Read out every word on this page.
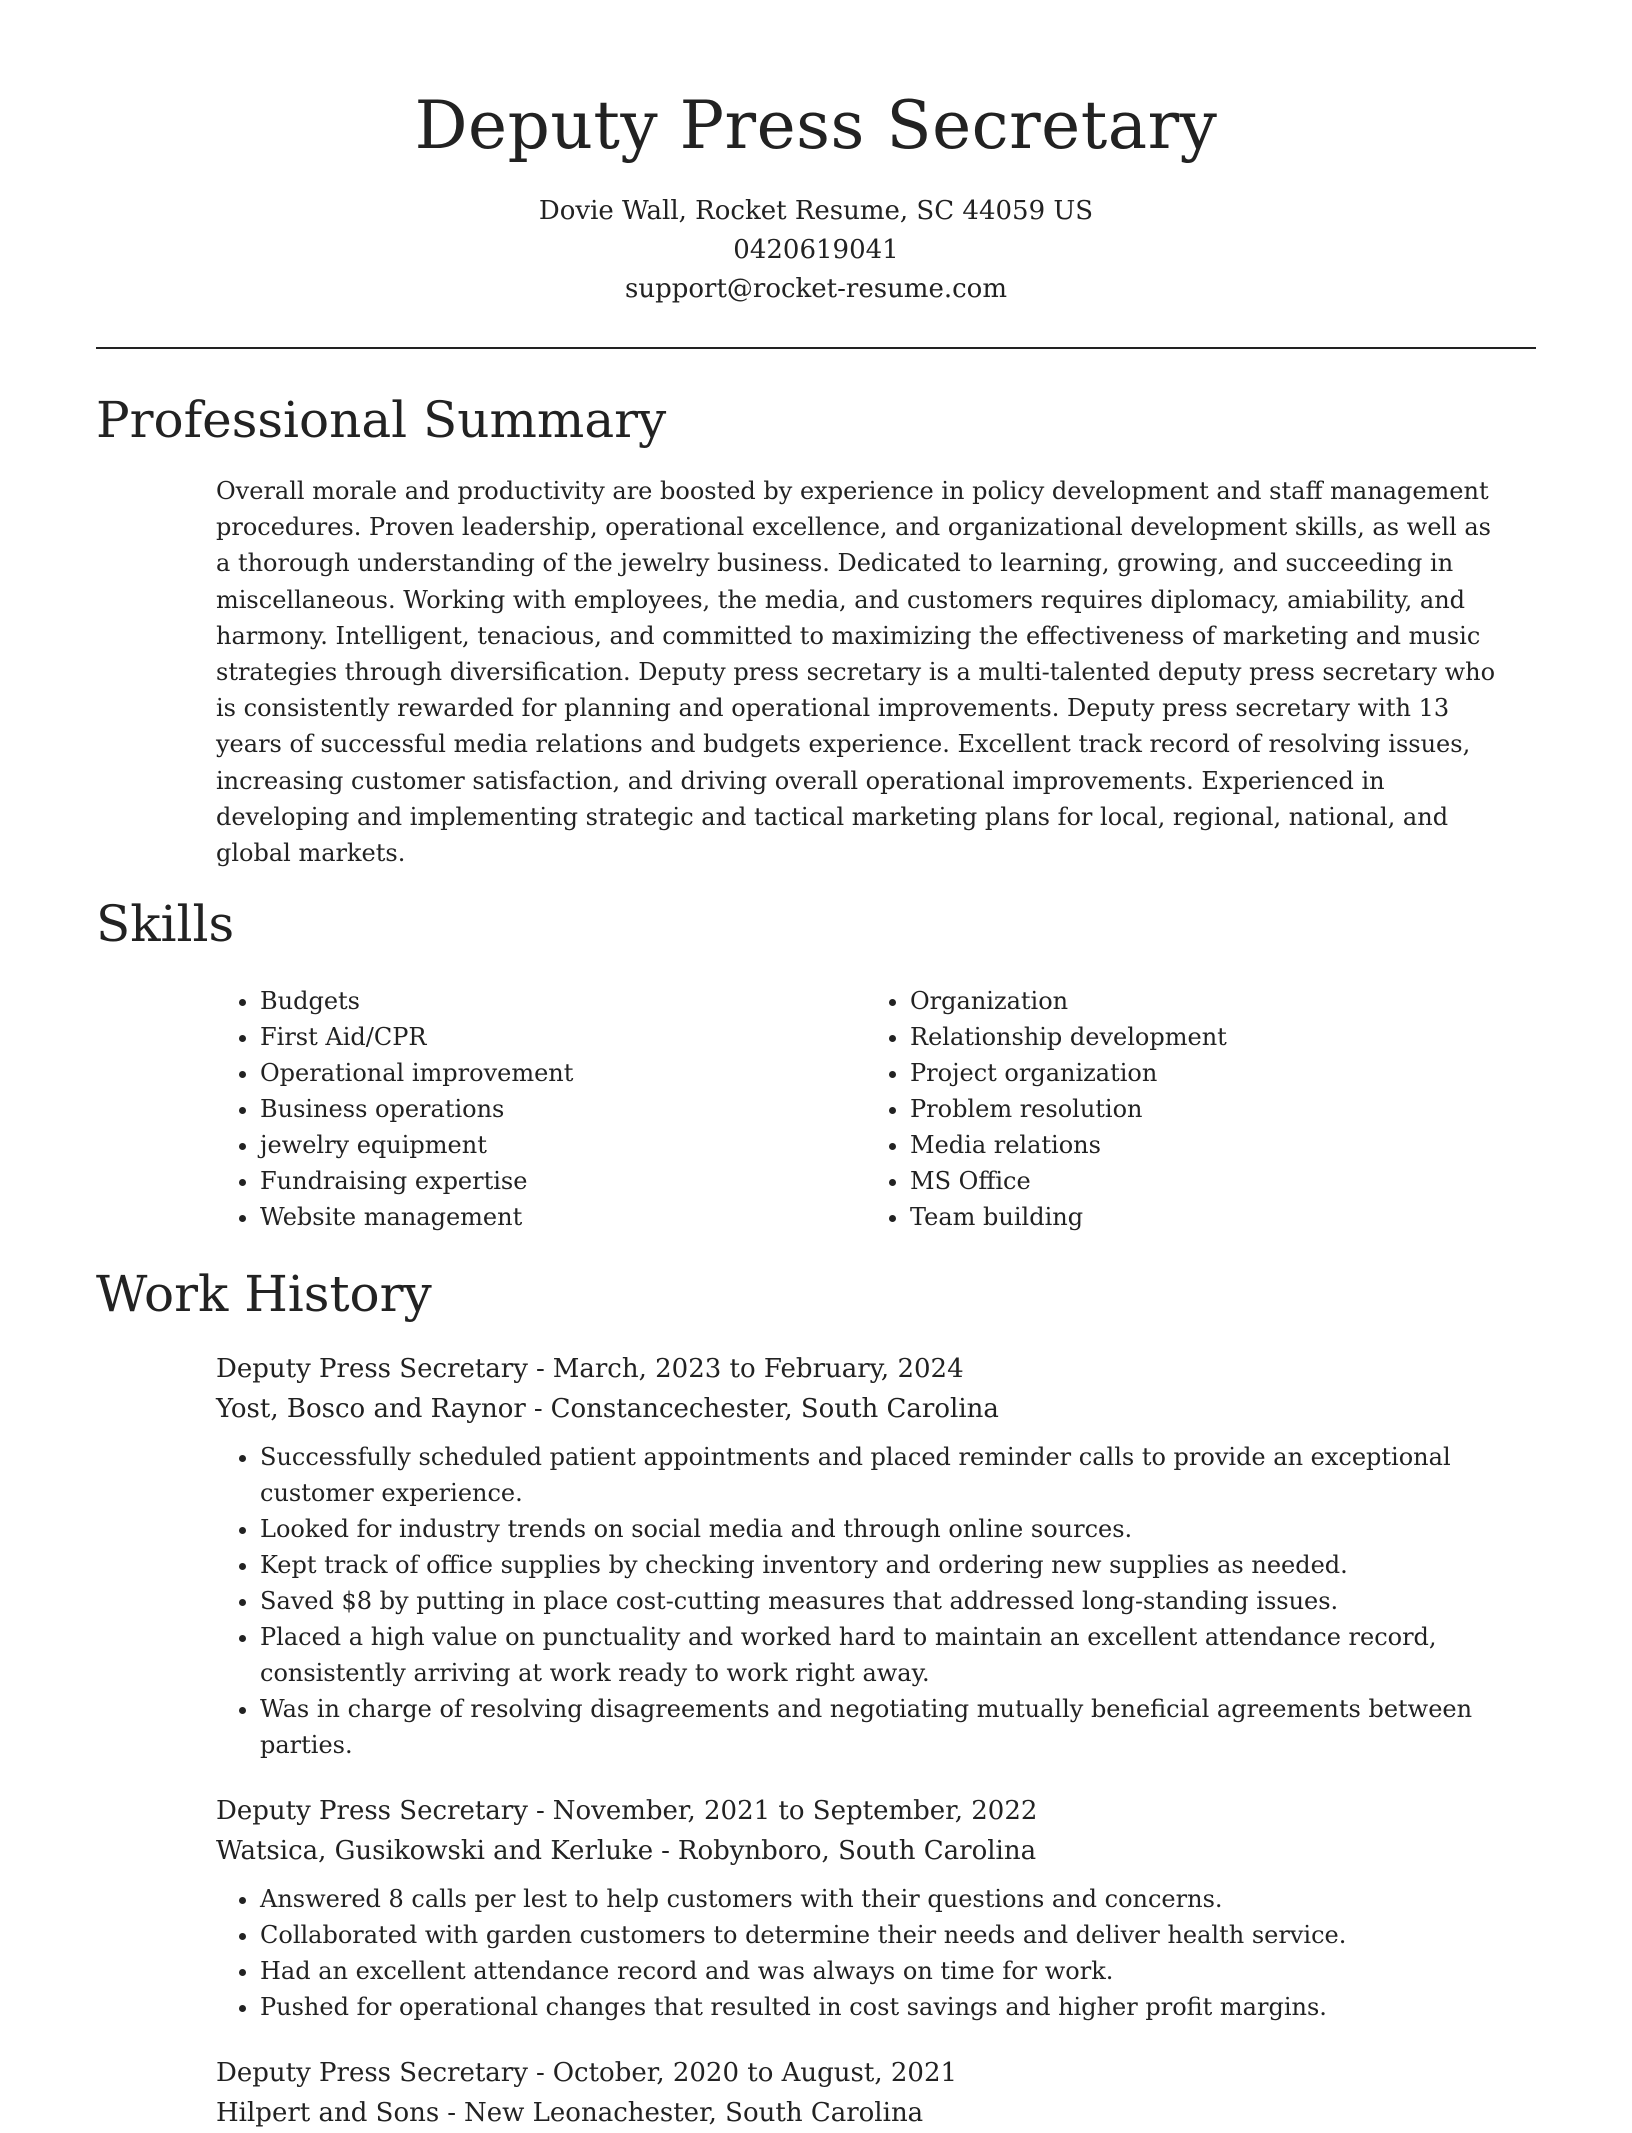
Deputy Press Secretary

Dovie Wall, Rocket Resume, SC 44059 US

0420619041

support@rocket-resume.com

Professional Summary

Overall morale and productivity are boosted by experience in policy development and staff management procedures. Proven leadership, operational excellence, and organizational development skills, as well as a thorough understanding of the jewelry business. Dedicated to learning, growing, and succeeding in miscellaneous. Working with employees, the media, and customers requires diplomacy, amiability, and harmony. Intelligent, tenacious, and committed to maximizing the effectiveness of marketing and music strategies through diversification. Deputy press secretary is a multi-talented deputy press secretary who is consistently rewarded for planning and operational improvements. Deputy press secretary with 13 years of successful media relations and budgets experience. Excellent track record of resolving issues, increasing customer satisfaction, and driving overall operational improvements. Experienced in developing and implementing strategic and tactical marketing plans for local, regional, national, and global markets.

Skills
• Budgets
• First Aid/CPR
• Operational improvement
• Business operations
• jewelry equipment
• Fundraising expertise
• Website management
• Organization
• Relationship development
• Project organization
• Problem resolution
• Media relations
• MS Office
• Team building
Work History

Deputy Press Secretary - March, 2023 to February, 2024

Yost, Bosco and Raynor - Constancechester, South Carolina

• Successfully scheduled patient appointments and placed reminder calls to provide an exceptional customer experience.
• Looked for industry trends on social media and through online sources.
• Kept track of office supplies by checking inventory and ordering new supplies as needed.
• Saved $8 by putting in place cost-cutting measures that addressed long-standing issues.
• Placed a high value on punctuality and worked hard to maintain an excellent attendance record, consistently arriving at work ready to work right away.
• Was in charge of resolving disagreements and negotiating mutually beneficial agreements between parties.

Deputy Press Secretary - November, 2021 to September, 2022

Watsica, Gusikowski and Kerluke - Robynboro, South Carolina

• Answered 8 calls per lest to help customers with their questions and concerns.
• Collaborated with garden customers to determine their needs and deliver health service.
• Had an excellent attendance record and was always on time for work.
• Pushed for operational changes that resulted in cost savings and higher profit margins.

Deputy Press Secretary - October, 2020 to August, 2021

Hilpert and Sons - New Leonachester, South Carolina
